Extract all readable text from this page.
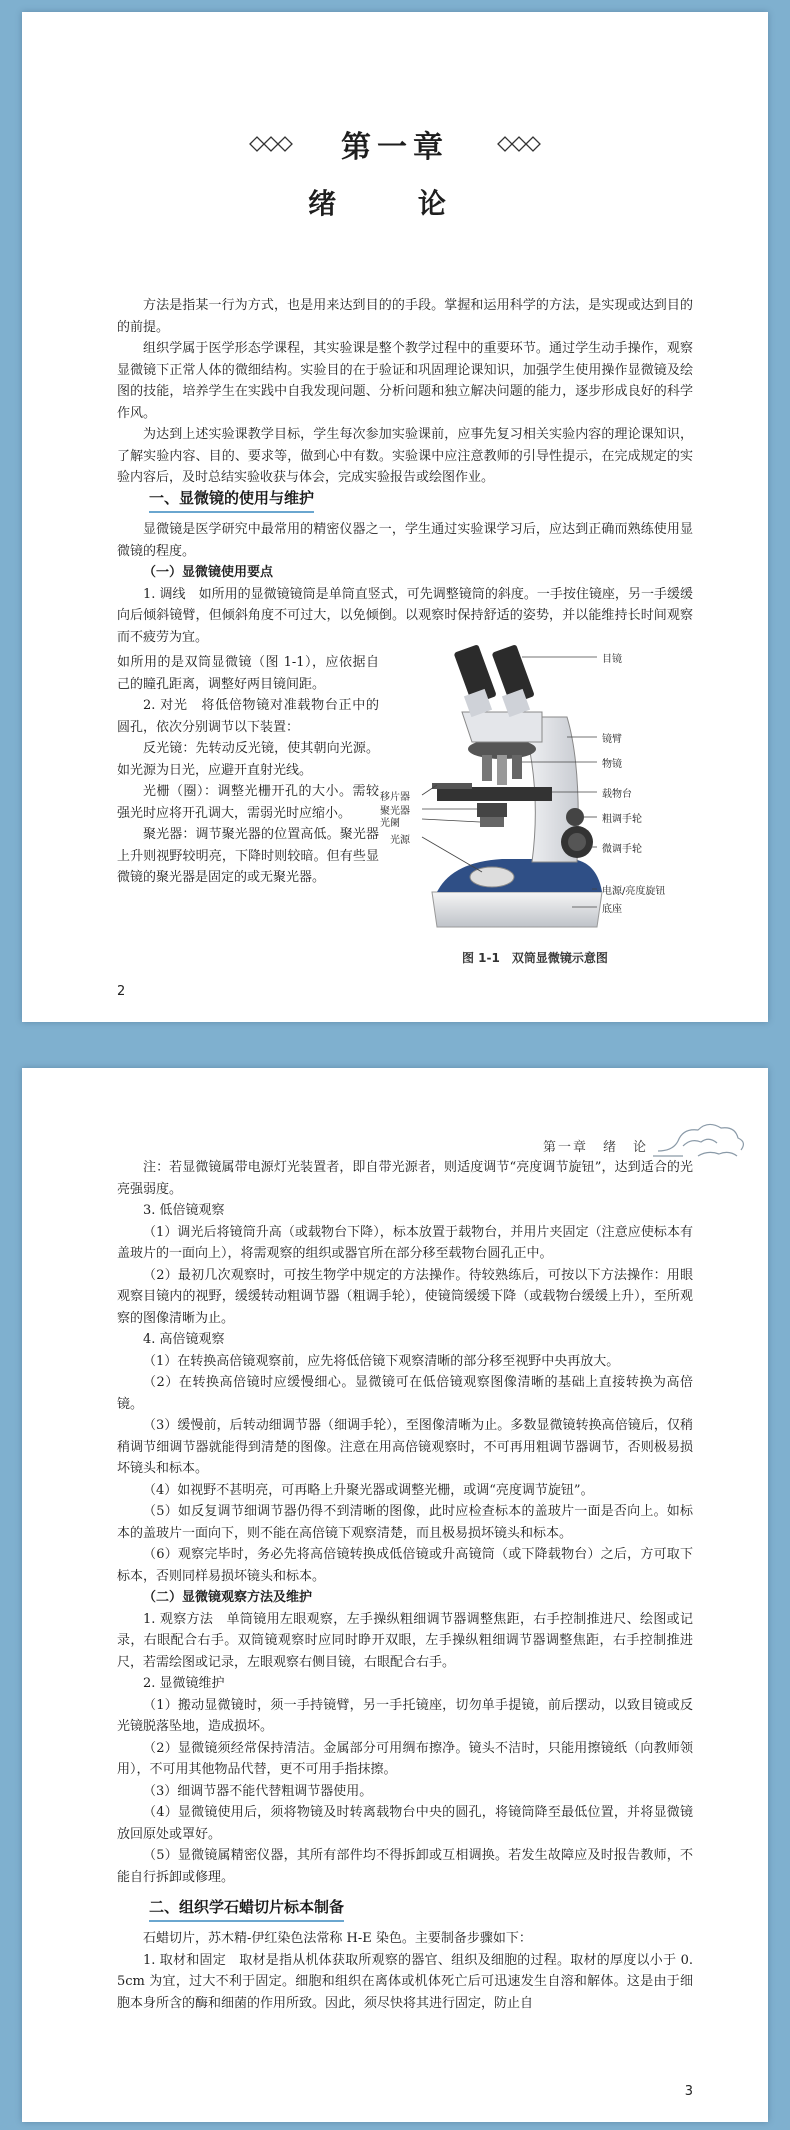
第一章
绪 论

方法是指某一行为方式，也是用来达到目的的手段。掌握和运用科学的方法，是实现或达到目的的前提。

组织学属于医学形态学课程，其实验课是整个教学过程中的重要环节。通过学生动手操作，观察显微镜下正常人体的微细结构。实验目的在于验证和巩固理论课知识，加强学生使用操作显微镜及绘图的技能，培养学生在实践中自我发现问题、分析问题和独立解决问题的能力，逐步形成良好的科学作风。

为达到上述实验课教学目标，学生每次参加实验课前，应事先复习相关实验内容的理论课知识，了解实验内容、目的、要求等，做到心中有数。实验课中应注意教师的引导性提示，在完成规定的实验内容后，及时总结实验收获与体会，完成实验报告或绘图作业。

一、显微镜的使用与维护

显微镜是医学研究中最常用的精密仪器之一，学生通过实验课学习后，应达到正确而熟练使用显微镜的程度。

（一）显微镜使用要点

1. 调线　如所用的显微镜镜筒是单筒直竖式，可先调整镜筒的斜度。一手按住镜座，另一手缓缓向后倾斜镜臂，但倾斜角度不可过大，以免倾倒。以观察时保持舒适的姿势，并以能维持长时间观察而不疲劳为宜。

如所用的是双筒显微镜（图 1-1），应依据自己的瞳孔距离，调整好两目镜间距。

2. 对光　将低倍物镜对准载物台正中的圆孔，依次分别调节以下装置：

反光镜：先转动反光镜，使其朝向光源。如光源为日光，应避开直射光线。

光栅（圈）：调整光栅开孔的大小。需较强光时应将开孔调大，需弱光时应缩小。

聚光器：调节聚光器的位置高低。聚光器上升则视野较明亮，下降时则较暗。但有些显微镜的聚光器是固定的或无聚光器。

目镜
镜臂
物镜
载物台
粗调手轮
微调手轮
电源/亮度旋钮
底座
移片器
聚光器
光阑
光源
图 1-1　双筒显微镜示意图
2
第一章　绪　论

注：若显微镜属带电源灯光装置者，即自带光源者，则适度调节“亮度调节旋钮”，达到适合的光亮强弱度。

3. 低倍镜观察

（1）调光后将镜筒升高（或载物台下降），标本放置于载物台，并用片夹固定（注意应使标本有盖玻片的一面向上），将需观察的组织或器官所在部分移至载物台圆孔正中。

（2）最初几次观察时，可按生物学中规定的方法操作。待较熟练后，可按以下方法操作：用眼观察目镜内的视野，缓缓转动粗调节器（粗调手轮），使镜筒缓缓下降（或载物台缓缓上升），至所观察的图像清晰为止。

4. 高倍镜观察

（1）在转换高倍镜观察前，应先将低倍镜下观察清晰的部分移至视野中央再放大。

（2）在转换高倍镜时应缓慢细心。显微镜可在低倍镜观察图像清晰的基础上直接转换为高倍镜。

（3）缓慢前，后转动细调节器（细调手轮），至图像清晰为止。多数显微镜转换高倍镜后，仅稍稍调节细调节器就能得到清楚的图像。注意在用高倍镜观察时，不可再用粗调节器调节，否则极易损坏镜头和标本。

（4）如视野不甚明亮，可再略上升聚光器或调整光栅，或调“亮度调节旋钮”。

（5）如反复调节细调节器仍得不到清晰的图像，此时应检查标本的盖玻片一面是否向上。如标本的盖玻片一面向下，则不能在高倍镜下观察清楚，而且极易损坏镜头和标本。

（6）观察完毕时，务必先将高倍镜转换成低倍镜或升高镜筒（或下降载物台）之后，方可取下标本，否则同样易损坏镜头和标本。

（二）显微镜观察方法及维护

1. 观察方法　单筒镜用左眼观察，左手操纵粗细调节器调整焦距，右手控制推进尺、绘图或记录，右眼配合右手。双筒镜观察时应同时睁开双眼，左手操纵粗细调节器调整焦距，右手控制推进尺，若需绘图或记录，左眼观察右侧目镜，右眼配合右手。

2. 显微镜维护

（1）搬动显微镜时，须一手持镜臂，另一手托镜座，切勿单手提镜，前后摆动，以致目镜或反光镜脱落坠地，造成损坏。

（2）显微镜须经常保持清洁。金属部分可用绸布擦净。镜头不洁时，只能用擦镜纸（向教师领用），不可用其他物品代替，更不可用手指抹擦。

（3）细调节器不能代替粗调节器使用。

（4）显微镜使用后，须将物镜及时转离载物台中央的圆孔，将镜筒降至最低位置，并将显微镜放回原处或罩好。

（5）显微镜属精密仪器，其所有部件均不得拆卸或互相调换。若发生故障应及时报告教师，不能自行拆卸或修理。

二、组织学石蜡切片标本制备

石蜡切片，苏木精-伊红染色法常称 H-E 染色。主要制备步骤如下：

1. 取材和固定　取材是指从机体获取所观察的器官、组织及细胞的过程。取材的厚度以小于 0. 5cm 为宜，过大不利于固定。细胞和组织在离体或机体死亡后可迅速发生自溶和解体。这是由于细胞本身所含的酶和细菌的作用所致。因此，须尽快将其进行固定，防止自

3
